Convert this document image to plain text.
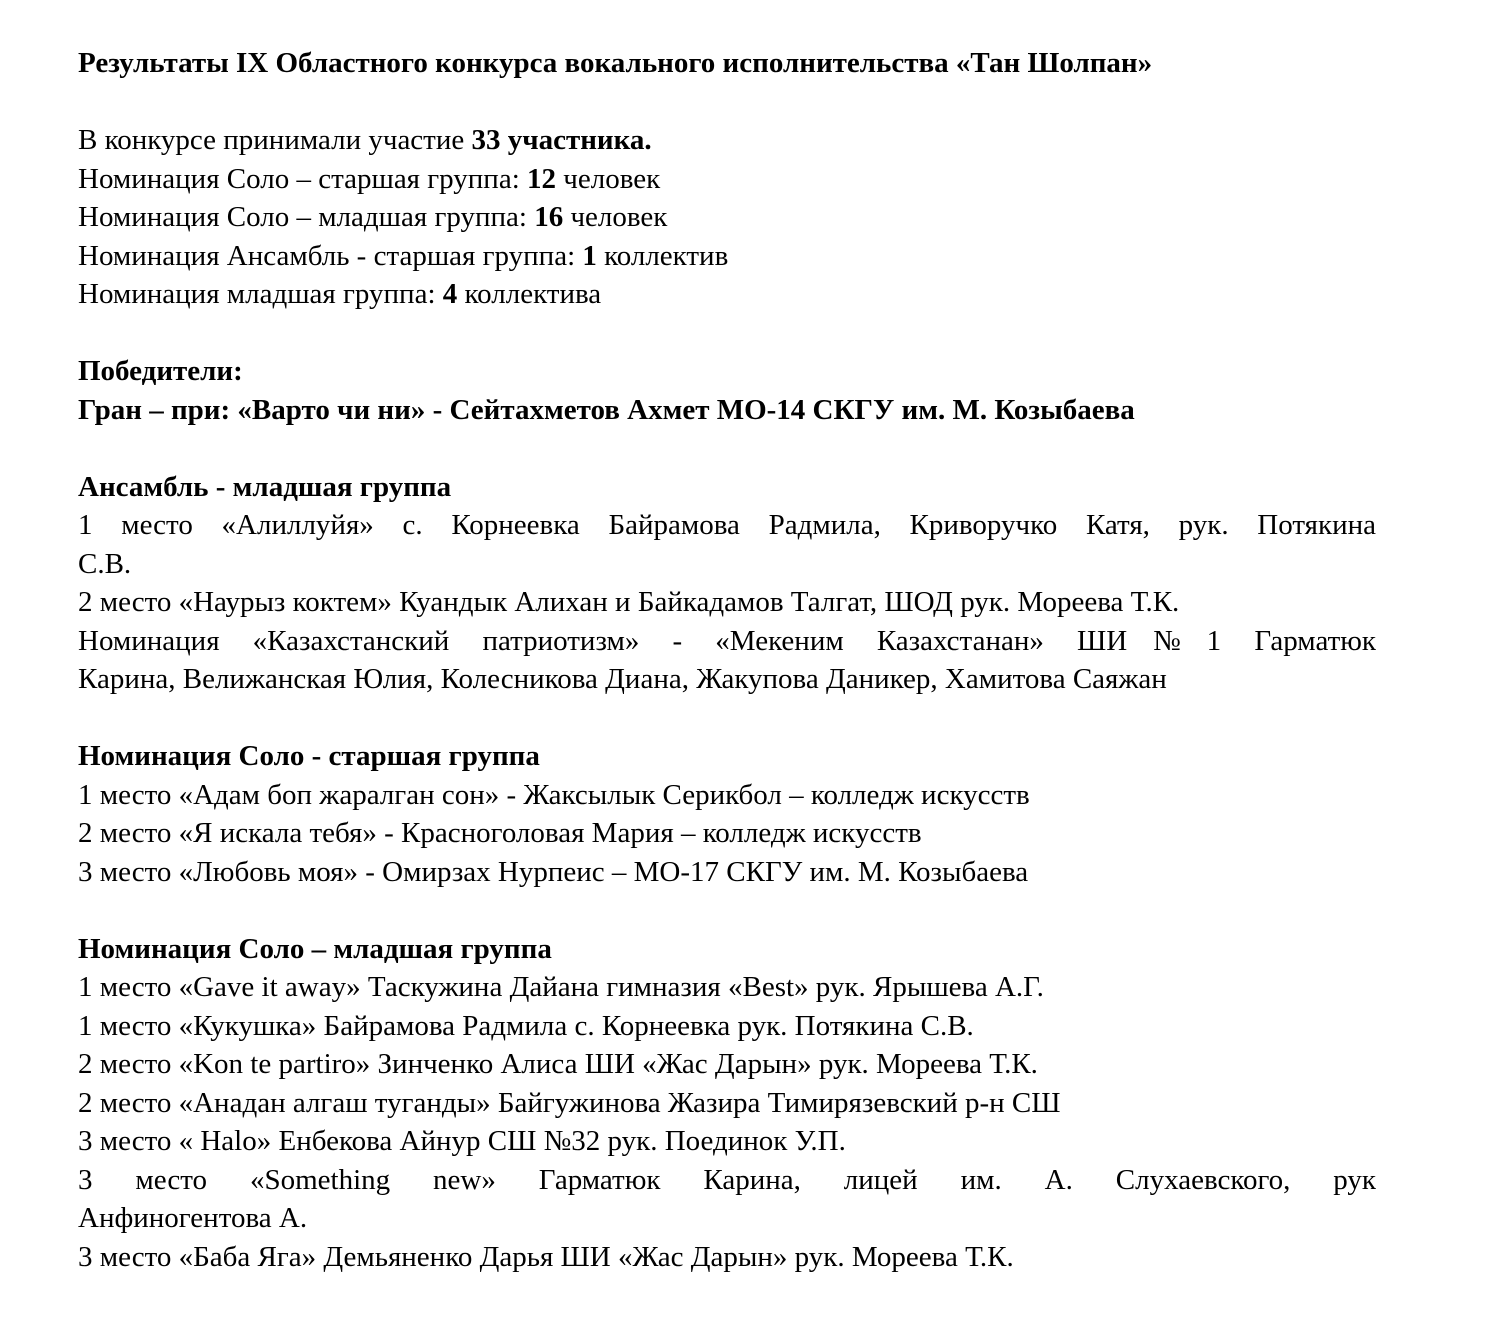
Результаты IX Областного конкурса вокального исполнительства «Тан Шолпан»
В конкурсе принимали участие 33 участника.
Номинация Соло – старшая группа: 12 человек
Номинация Соло – младшая группа: 16 человек
Номинация Ансамбль - старшая группа: 1 коллектив
Номинация младшая группа: 4 коллектива
Победители:
Гран – при: «Варто чи ни» - Сейтахметов Ахмет МО-14 СКГУ им. М. Козыбаева
Ансамбль - младшая группа
1 место «Алиллуйя» с. Корнеевка Байрамова Радмила, Криворучко Катя, рук. Потякина
С.В.
2 место «Наурыз коктем» Куандык Алихан и Байкадамов Талгат, ШОД рук. Мореева Т.К.
Номинация «Казахстанский патриотизм» - «Мекеним Казахстанан» ШИ№1 Гарматюк
Карина, Велижанская Юлия, Колесникова Диана, Жакупова Даникер, Хамитова Саяжан
Номинация Соло - старшая группа
1 место «Адам боп жаралган сон» - Жаксылык Серикбол – колледж искусств
2 место «Я искала тебя» - Красноголовая Мария – колледж искусств
3 место «Любовь моя» - Омирзах Нурпеис – МО-17 СКГУ им. М. Козыбаева
Номинация Соло – младшая группа
1 место «Gave it away» Таскужина Дайана гимназия «Best» рук. Ярышева А.Г.
1 место «Кукушка» Байрамова Радмила с. Корнеевка рук. Потякина С.В.
2 место «Kon te partiro» Зинченко Алиса ШИ «Жас Дарын» рук. Мореева Т.К.
2 место «Анадан алгаш туганды» Байгужинова Жазира Тимирязевский р-н СШ
3 место « Halo» Енбекова Айнур СШ №32 рук. Поединок У.П.
3 место «Something new» Гарматюк Карина, лицей им. А. Слухаевского, рук
Анфиногентова А.
3 место «Баба Яга» Демьяненко Дарья ШИ «Жас Дарын» рук. Мореева Т.К.
